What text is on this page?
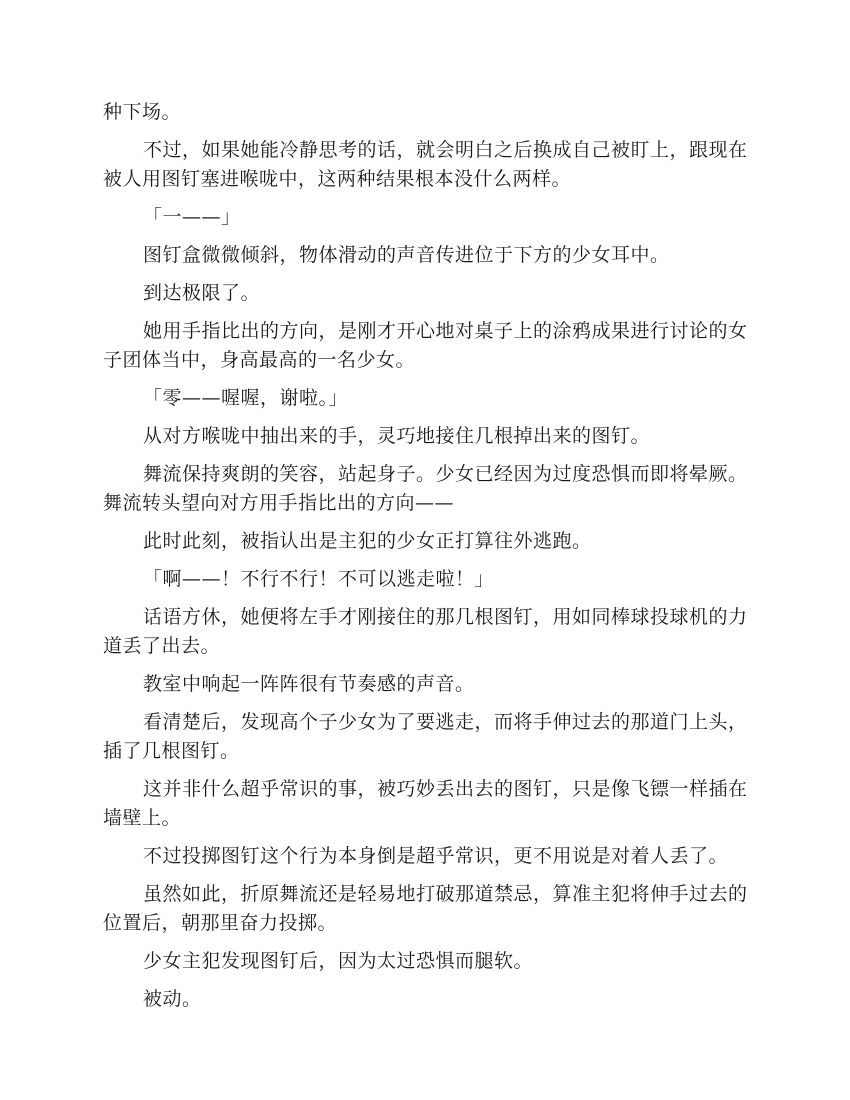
种下场。

不过，如果她能冷静思考的话，就会明白之后换成自己被盯上，跟现在被人用图钉塞进喉咙中，这两种结果根本没什么两样。

「一——」

图钉盒微微倾斜，物体滑动的声音传进位于下方的少女耳中。

到达极限了。

她用手指比出的方向，是刚才开心地对桌子上的涂鸦成果进行讨论的女子团体当中，身高最高的一名少女。

「零——喔喔，谢啦。」

从对方喉咙中抽出来的手，灵巧地接住几根掉出来的图钉。

舞流保持爽朗的笑容，站起身子。少女已经因为过度恐惧而即将晕厥。舞流转头望向对方用手指比出的方向——

此时此刻，被指认出是主犯的少女正打算往外逃跑。

「啊——！不行不行！不可以逃走啦！」

话语方休，她便将左手才刚接住的那几根图钉，用如同棒球投球机的力道丢了出去。

教室中响起一阵阵很有节奏感的声音。

看清楚后，发现高个子少女为了要逃走，而将手伸过去的那道门上头，插了几根图钉。

这并非什么超乎常识的事，被巧妙丢出去的图钉，只是像飞镖一样插在墙壁上。

不过投掷图钉这个行为本身倒是超乎常识，更不用说是对着人丢了。

虽然如此，折原舞流还是轻易地打破那道禁忌，算准主犯将伸手过去的位置后，朝那里奋力投掷。

少女主犯发现图钉后，因为太过恐惧而腿软。

被动。
